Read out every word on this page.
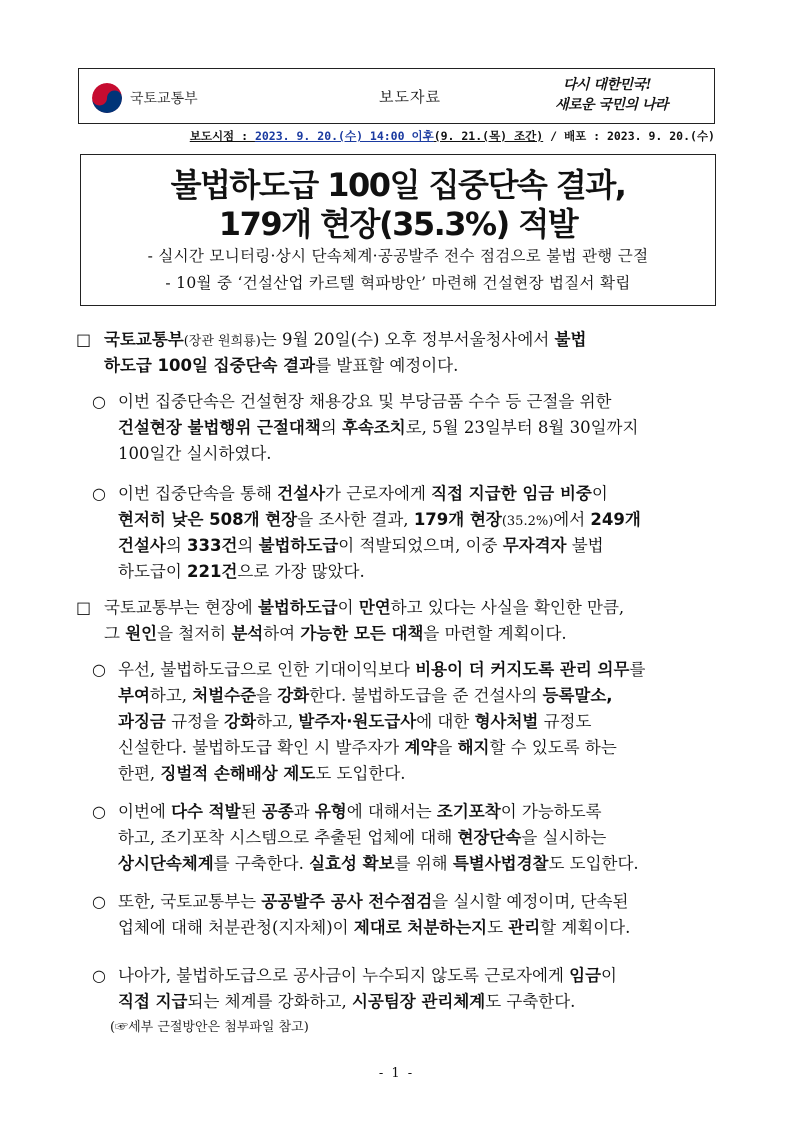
국토교통부	보도자료
다시 대한민국!
새로운 국민의 나라
보도시점 : 2023. 9. 20.(수) 14:00 이후(9. 21.(목) 조간) / 배포 : 2023. 9. 20.(수)
불법하도급 100일 집중단속 결과,
179개 현장(35.3%) 적발
- 실시간 모니터링·상시 단속체계·공공발주 전수 점검으로 불법 관행 근절
- 10월 중 ‘건설산업 카르텔 혁파방안’ 마련해 건설현장 법질서 확립
□ 국토교통부(장관 원희룡)는 9월 20일(수) 오후 정부서울청사에서 불법
하도급 100일 집중단속 결과를 발표할 예정이다.
○ 이번 집중단속은 건설현장 채용강요 및 부당금품 수수 등 근절을 위한
건설현장 불법행위 근절대책의 후속조치로, 5월 23일부터 8월 30일까지
100일간 실시하였다.
○ 이번 집중단속을 통해 건설사가 근로자에게 직접 지급한 임금 비중이
현저히 낮은 508개 현장을 조사한 결과, 179개 현장(35.2%)에서 249개
건설사의 333건의 불법하도급이 적발되었으며, 이중 무자격자 불법
하도급이 221건으로 가장 많았다.
□ 국토교통부는 현장에 불법하도급이 만연하고 있다는 사실을 확인한 만큼,
그 원인을 철저히 분석하여 가능한 모든 대책을 마련할 계획이다.
○ 우선, 불법하도급으로 인한 기대이익보다 비용이 더 커지도록 관리 의무를
부여하고, 처벌수준을 강화한다. 불법하도급을 준 건설사의 등록말소,
과징금 규정을 강화하고, 발주자·원도급사에 대한 형사처벌 규정도
신설한다. 불법하도급 확인 시 발주자가 계약을 해지할 수 있도록 하는
한편, 징벌적 손해배상 제도도 도입한다.
○ 이번에 다수 적발된 공종과 유형에 대해서는 조기포착이 가능하도록
하고, 조기포착 시스템으로 추출된 업체에 대해 현장단속을 실시하는
상시단속체계를 구축한다. 실효성 확보를 위해 특별사법경찰도 도입한다.
○ 또한, 국토교통부는 공공발주 공사 전수점검을 실시할 예정이며, 단속된
업체에 대해 처분관청(지자체)이 제대로 처분하는지도 관리할 계획이다.
○ 나아가, 불법하도급으로 공사금이 누수되지 않도록 근로자에게 임금이
직접 지급되는 체계를 강화하고, 시공팀장 관리체계도 구축한다.
(☞세부 근절방안은 첨부파일 참고)
- 1 -
